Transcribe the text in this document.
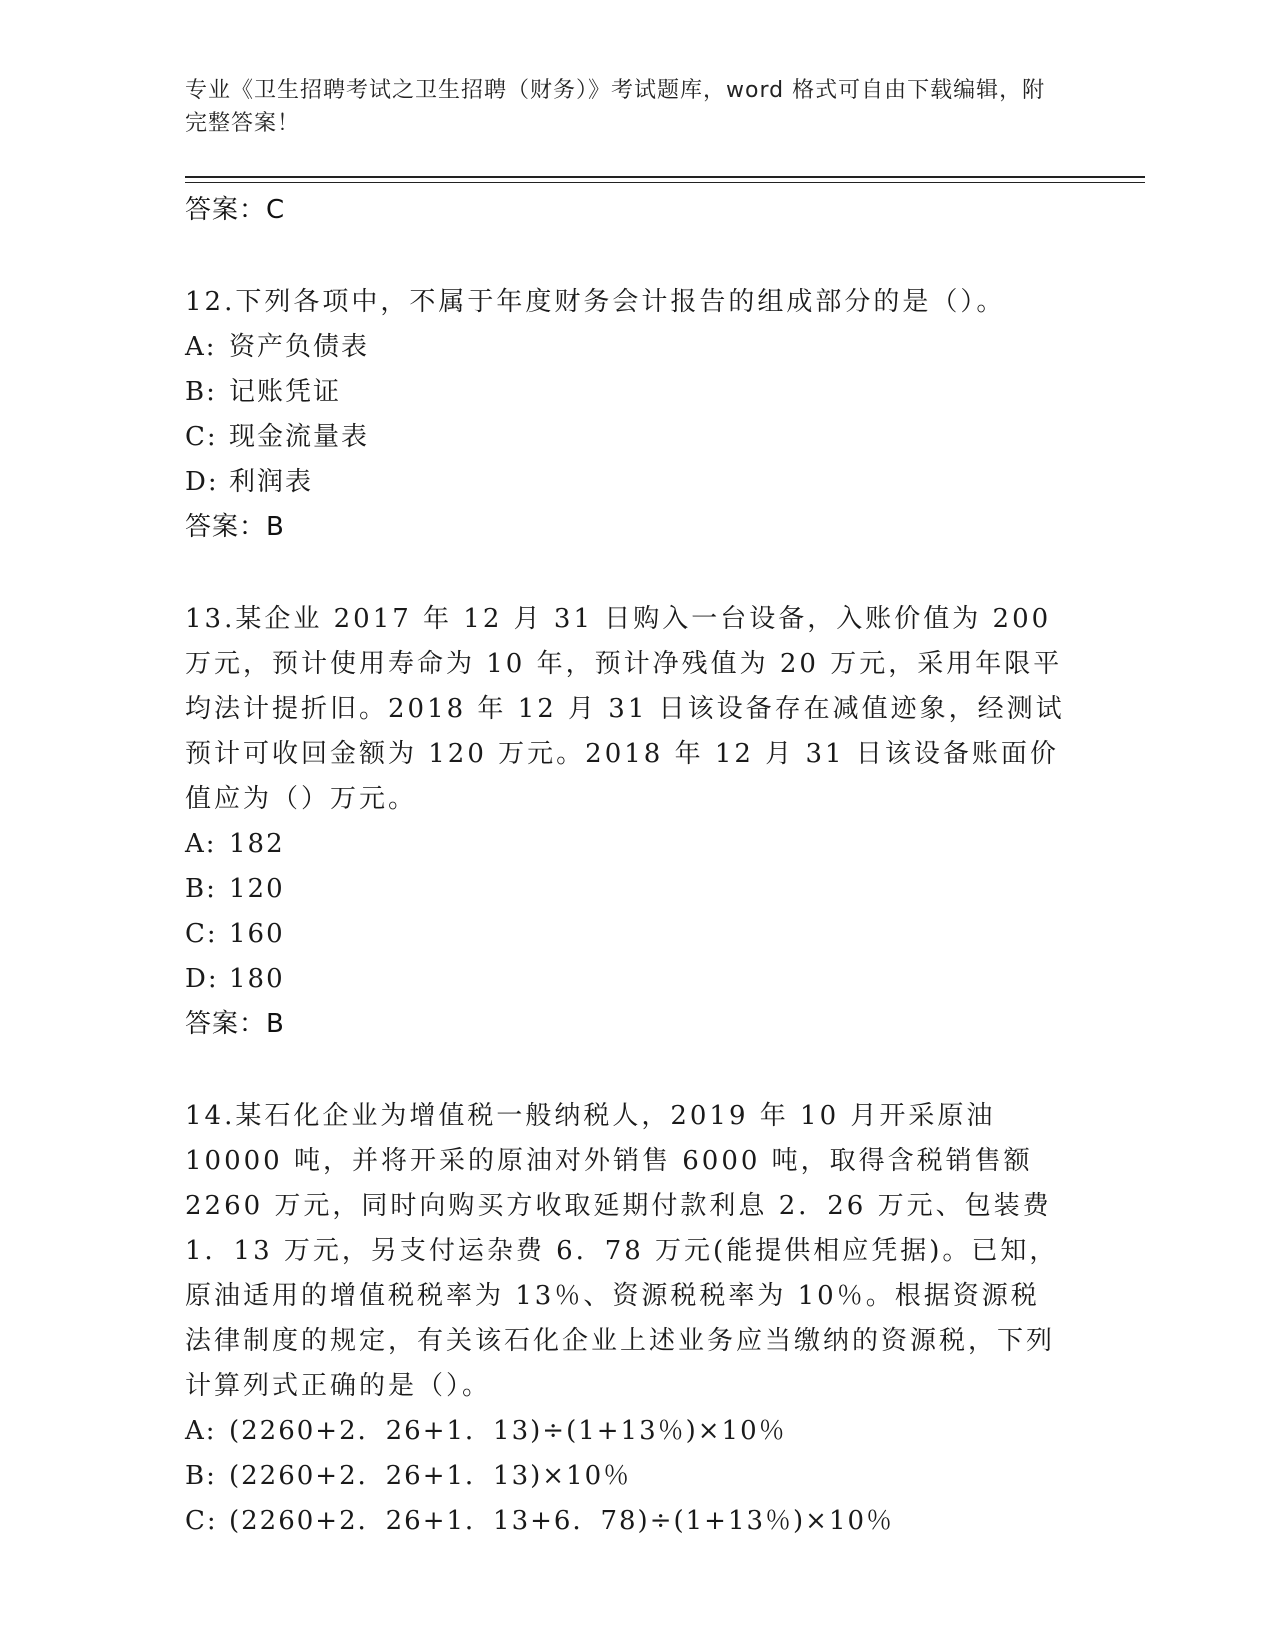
专业《卫生招聘考试之卫生招聘（财务）》考试题库，word 格式可自由下载编辑，附完整答案！
答案：C
12.下列各项中，不属于年度财务会计报告的组成部分的是（）。
A: 资产负债表
B: 记账凭证
C: 现金流量表
D: 利润表
答案：B
13.某企业 2017 年 12 月 31 日购入一台设备，入账价值为 200 万元，预计使用寿命为 10 年，预计净残值为 20 万元，采用年限平均法计提折旧。2018 年 12 月 31 日该设备存在减值迹象，经测试预计可收回金额为 120 万元。2018 年 12 月 31 日该设备账面价值应为（）万元。
A: 182
B: 120
C: 160
D: 180
答案：B
14.某石化企业为增值税一般纳税人，2019 年 10 月开采原油 10000 吨，并将开采的原油对外销售 6000 吨，取得含税销售额 2260 万元，同时向购买方收取延期付款利息 2．26 万元、包装费 1．13 万元，另支付运杂费 6．78 万元(能提供相应凭据)。已知，原油适用的增值税税率为 13％、资源税税率为 10％。根据资源税法律制度的规定，有关该石化企业上述业务应当缴纳的资源税，下列计算列式正确的是（）。
A: (2260+2．26+1．13)÷(1+13％)×10％
B: (2260+2．26+1．13)×10％
C: (2260+2．26+1．13+6．78)÷(1+13％)×10％
